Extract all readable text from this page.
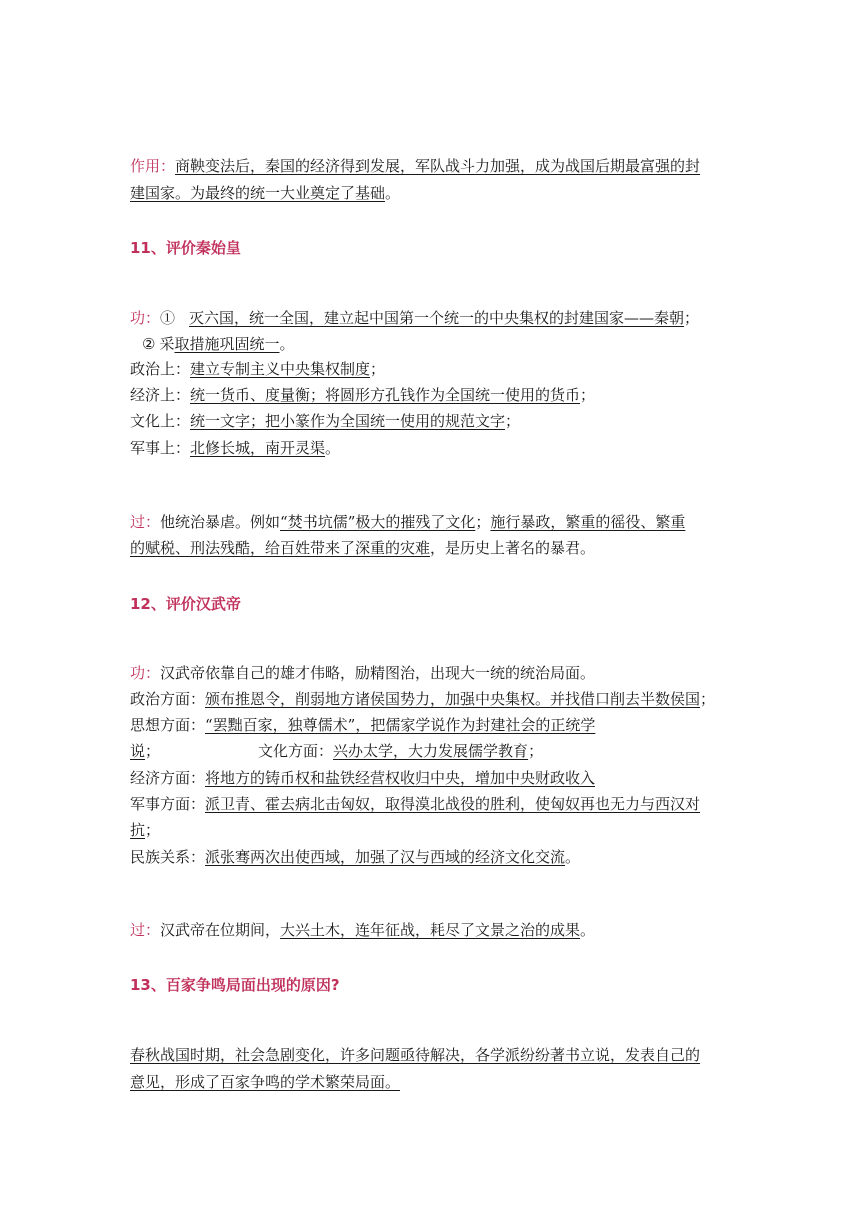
作用：商鞅变法后，秦国的经济得到发展，军队战斗力加强，成为战国后期最富强的封
建国家。为最终的统一大业奠定了基础。
11、评价秦始皇
功：① 灭六国，统一全国，建立起中国第一个统一的中央集权的封建国家——秦朝；
② 采取措施巩固统一。
政治上：建立专制主义中央集权制度；
经济上：统一货币、度量衡；将圆形方孔钱作为全国统一使用的货币；
文化上：统一文字；把小篆作为全国统一使用的规范文字；
军事上：北修长城，南开灵渠。
过：他统治暴虐。例如“焚书坑儒”极大的摧残了文化；施行暴政，繁重的徭役、繁重
的赋税、刑法残酷，给百姓带来了深重的灾难，是历史上著名的暴君。
12、评价汉武帝
功：汉武帝依靠自己的雄才伟略，励精图治，出现大一统的统治局面。
政治方面：颁布推恩令，削弱地方诸侯国势力，加强中央集权。并找借口削去半数侯国；
思想方面：“罢黜百家，独尊儒术”，把儒家学说作为封建社会的正统学
说；	文化方面：兴办太学，大力发展儒学教育；
经济方面：将地方的铸币权和盐铁经营权收归中央，增加中央财政收入
军事方面：派卫青、霍去病北击匈奴，取得漠北战役的胜利，使匈奴再也无力与西汉对
抗；
民族关系：派张骞两次出使西域，加强了汉与西域的经济文化交流。
过：汉武帝在位期间，大兴土木，连年征战，耗尽了文景之治的成果。
13、百家争鸣局面出现的原因?
春秋战国时期，社会急剧变化，许多问题亟待解决，各学派纷纷著书立说，发表自己的
意见，形成了百家争鸣的学术繁荣局面。
